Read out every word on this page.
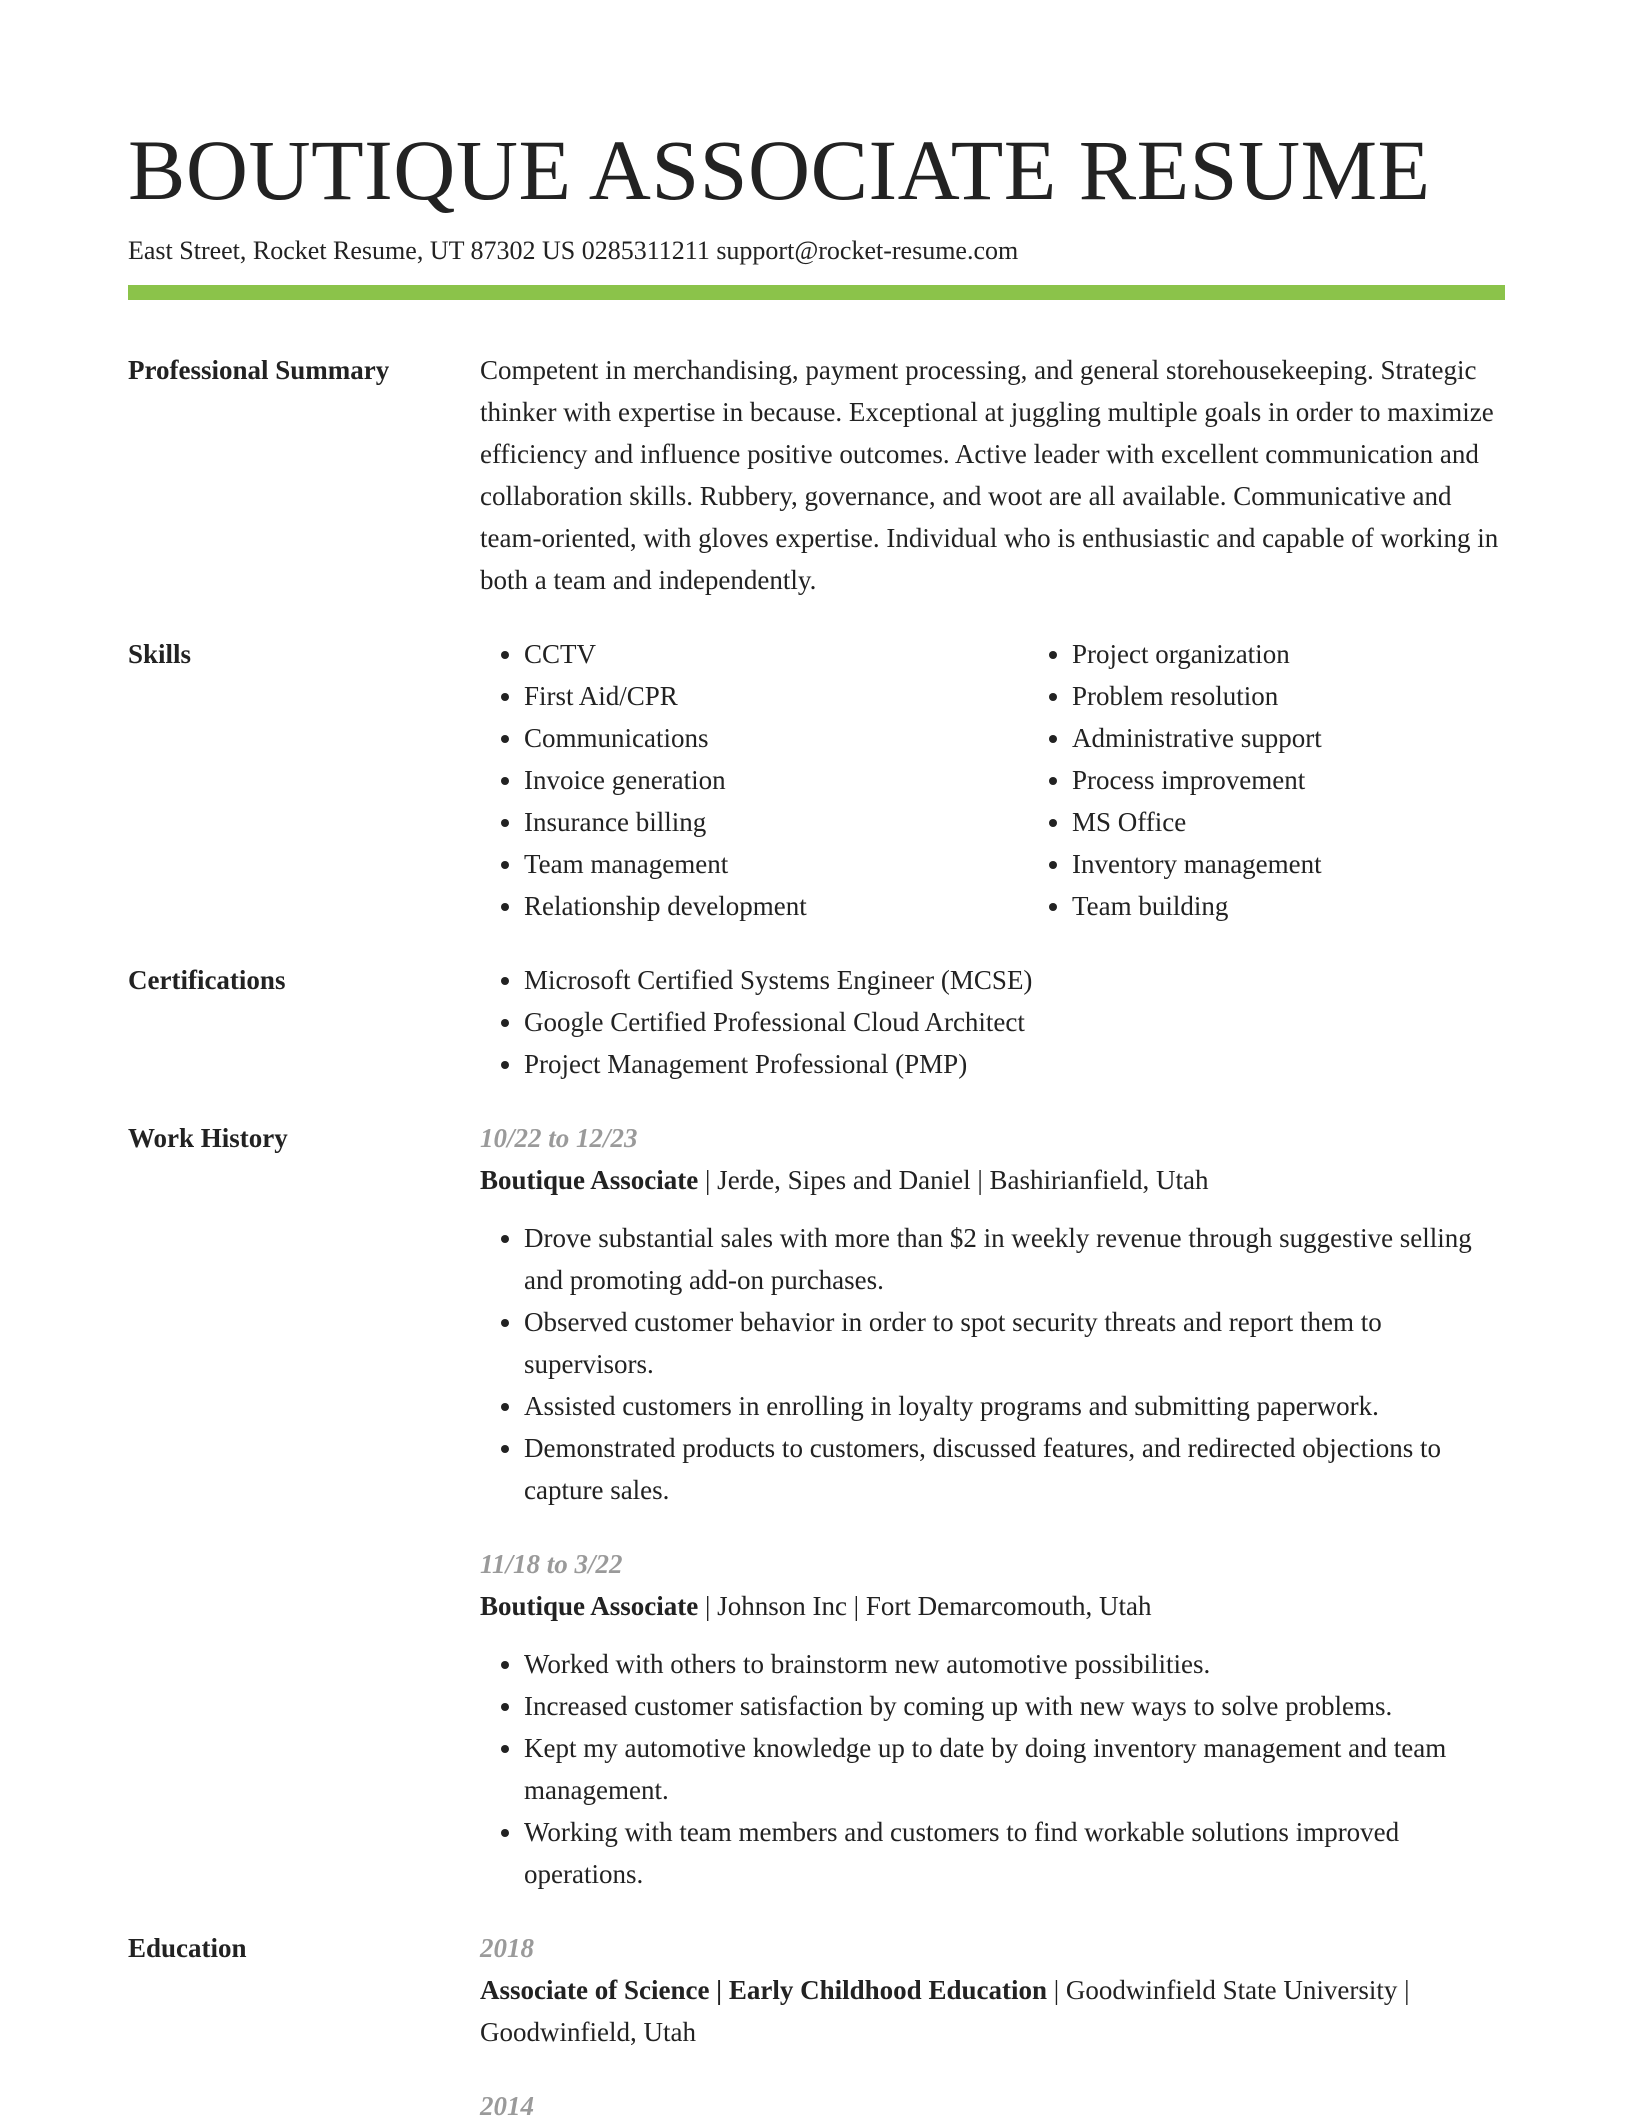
BOUTIQUE ASSOCIATE RESUME
East Street, Rocket Resume, UT 87302 US 0285311211 support@rocket-resume.com
Professional Summary	Competent in merchandising, payment processing, and general storehousekeeping. Strategic thinker with expertise in because. Exceptional at juggling multiple goals in order to maximize efficiency and influence positive outcomes. Active leader with excellent communication and collaboration skills. Rubbery, governance, and woot are all available. Communicative and team-oriented, with gloves expertise. Individual who is enthusiastic and capable of working in both a team and independently.
Skills	• CCTV
• First Aid/CPR
• Communications
• Invoice generation
• Insurance billing
• Team management
• Relationship development
• Project organization
• Problem resolution
• Administrative support
• Process improvement
• MS Office
• Inventory management
• Team building
Certifications	• Microsoft Certified Systems Engineer (MCSE)
• Google Certified Professional Cloud Architect
• Project Management Professional (PMP)
Work History	10/22 to 12/23
Boutique Associate | Jerde, Sipes and Daniel | Bashirianfield, Utah
• Drove substantial sales with more than $2 in weekly revenue through suggestive selling and promoting add-on purchases.
• Observed customer behavior in order to spot security threats and report them to supervisors.
• Assisted customers in enrolling in loyalty programs and submitting paperwork.
• Demonstrated products to customers, discussed features, and redirected objections to capture sales.
11/18 to 3/22
Boutique Associate | Johnson Inc | Fort Demarcomouth, Utah
• Worked with others to brainstorm new automotive possibilities.
• Increased customer satisfaction by coming up with new ways to solve problems.
• Kept my automotive knowledge up to date by doing inventory management and team management.
• Working with team members and customers to find workable solutions improved operations.
Education	2018
Associate of Science | Early Childhood Education | Goodwinfield State University | Goodwinfield, Utah
2014
